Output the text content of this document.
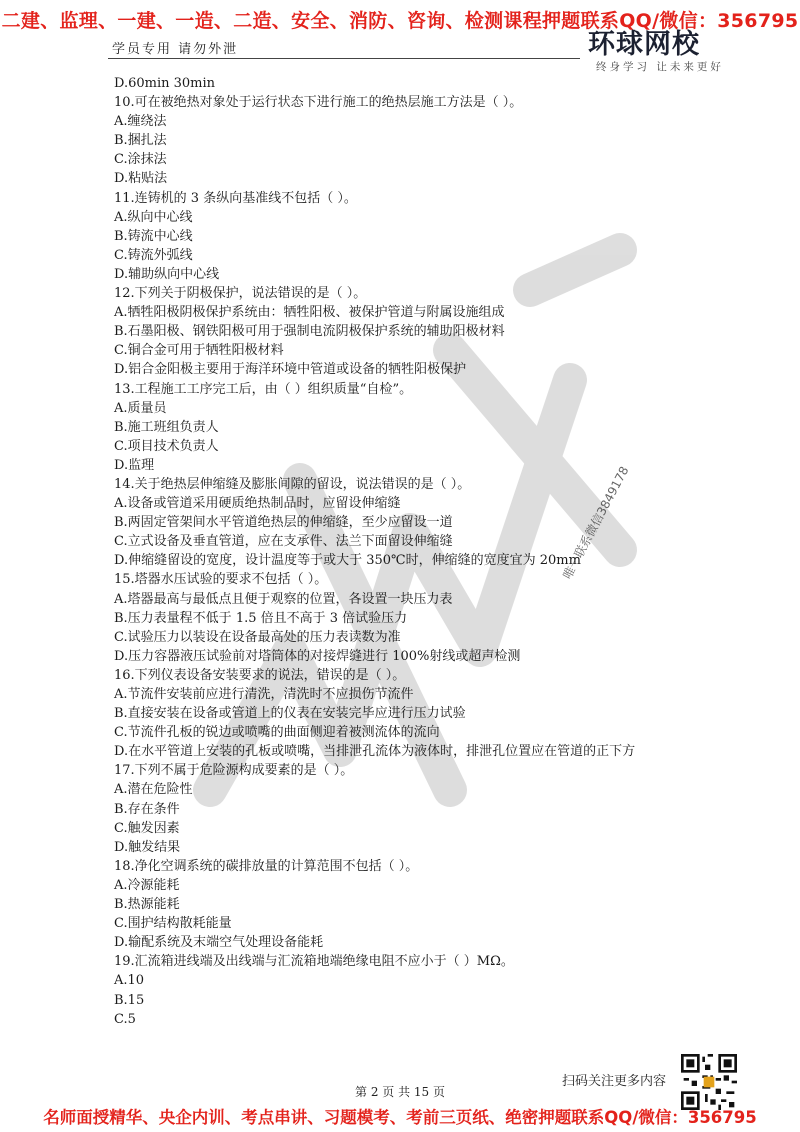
二建、监理、一建、一造、二造、安全、消防、咨询、检测课程押题联系QQ/微信：356795
学员专用 请勿外泄	环球网校
终身学习 让未来更好
唯一联系微信3849178
D.60min 30min
10.可在被绝热对象处于运行状态下进行施工的绝热层施工方法是（ ）。
A.缠绕法
B.捆扎法
C.涂抹法
D.粘贴法
11.连铸机的 3 条纵向基准线不包括（ ）。
A.纵向中心线
B.铸流中心线
C.铸流外弧线
D.辅助纵向中心线
12.下列关于阴极保护，说法错误的是（ ）。
A.牺牲阳极阴极保护系统由：牺牲阳极、被保护管道与附属设施组成
B.石墨阳极、钢铁阳极可用于强制电流阴极保护系统的辅助阳极材料
C.铜合金可用于牺牲阳极材料
D.铝合金阳极主要用于海洋环境中管道或设备的牺牲阳极保护
13.工程施工工序完工后，由（ ）组织质量“自检”。
A.质量员
B.施工班组负责人
C.项目技术负责人
D.监理
14.关于绝热层伸缩缝及膨胀间隙的留设，说法错误的是（ ）。
A.设备或管道采用硬质绝热制品时，应留设伸缩缝
B.两固定管架间水平管道绝热层的伸缩缝，至少应留设一道
C.立式设备及垂直管道，应在支承件、法兰下面留设伸缩缝
D.伸缩缝留设的宽度，设计温度等于或大于 350℃时，伸缩缝的宽度宜为 20mm
15.塔器水压试验的要求不包括（ ）。
A.塔器最高与最低点且便于观察的位置，各设置一块压力表
B.压力表量程不低于 1.5 倍且不高于 3 倍试验压力
C.试验压力以装设在设备最高处的压力表读数为准
D.压力容器液压试验前对塔筒体的对接焊缝进行 100%射线或超声检测
16.下列仪表设备安装要求的说法，错误的是（ ）。
A.节流件安装前应进行清洗，清洗时不应损伤节流件
B.直接安装在设备或管道上的仪表在安装完毕应进行压力试验
C.节流件孔板的锐边或喷嘴的曲面侧迎着被测流体的流向
D.在水平管道上安装的孔板或喷嘴，当排泄孔流体为液体时，排泄孔位置应在管道的正下方
17.下列不属于危险源构成要素的是（ ）。
A.潜在危险性
B.存在条件
C.触发因素
D.触发结果
18.净化空调系统的碳排放量的计算范围不包括（ ）。
A.冷源能耗
B.热源能耗
C.围护结构散耗能量
D.输配系统及末端空气处理设备能耗
19.汇流箱进线端及出线端与汇流箱地端绝缘电阻不应小于（ ）MΩ。
A.10
B.15
C.5
第 2 页 共 15 页
扫码关注更多内容
名师面授精华、央企内训、考点串讲、习题模考、考前三页纸、绝密押题联系QQ/微信：356795
